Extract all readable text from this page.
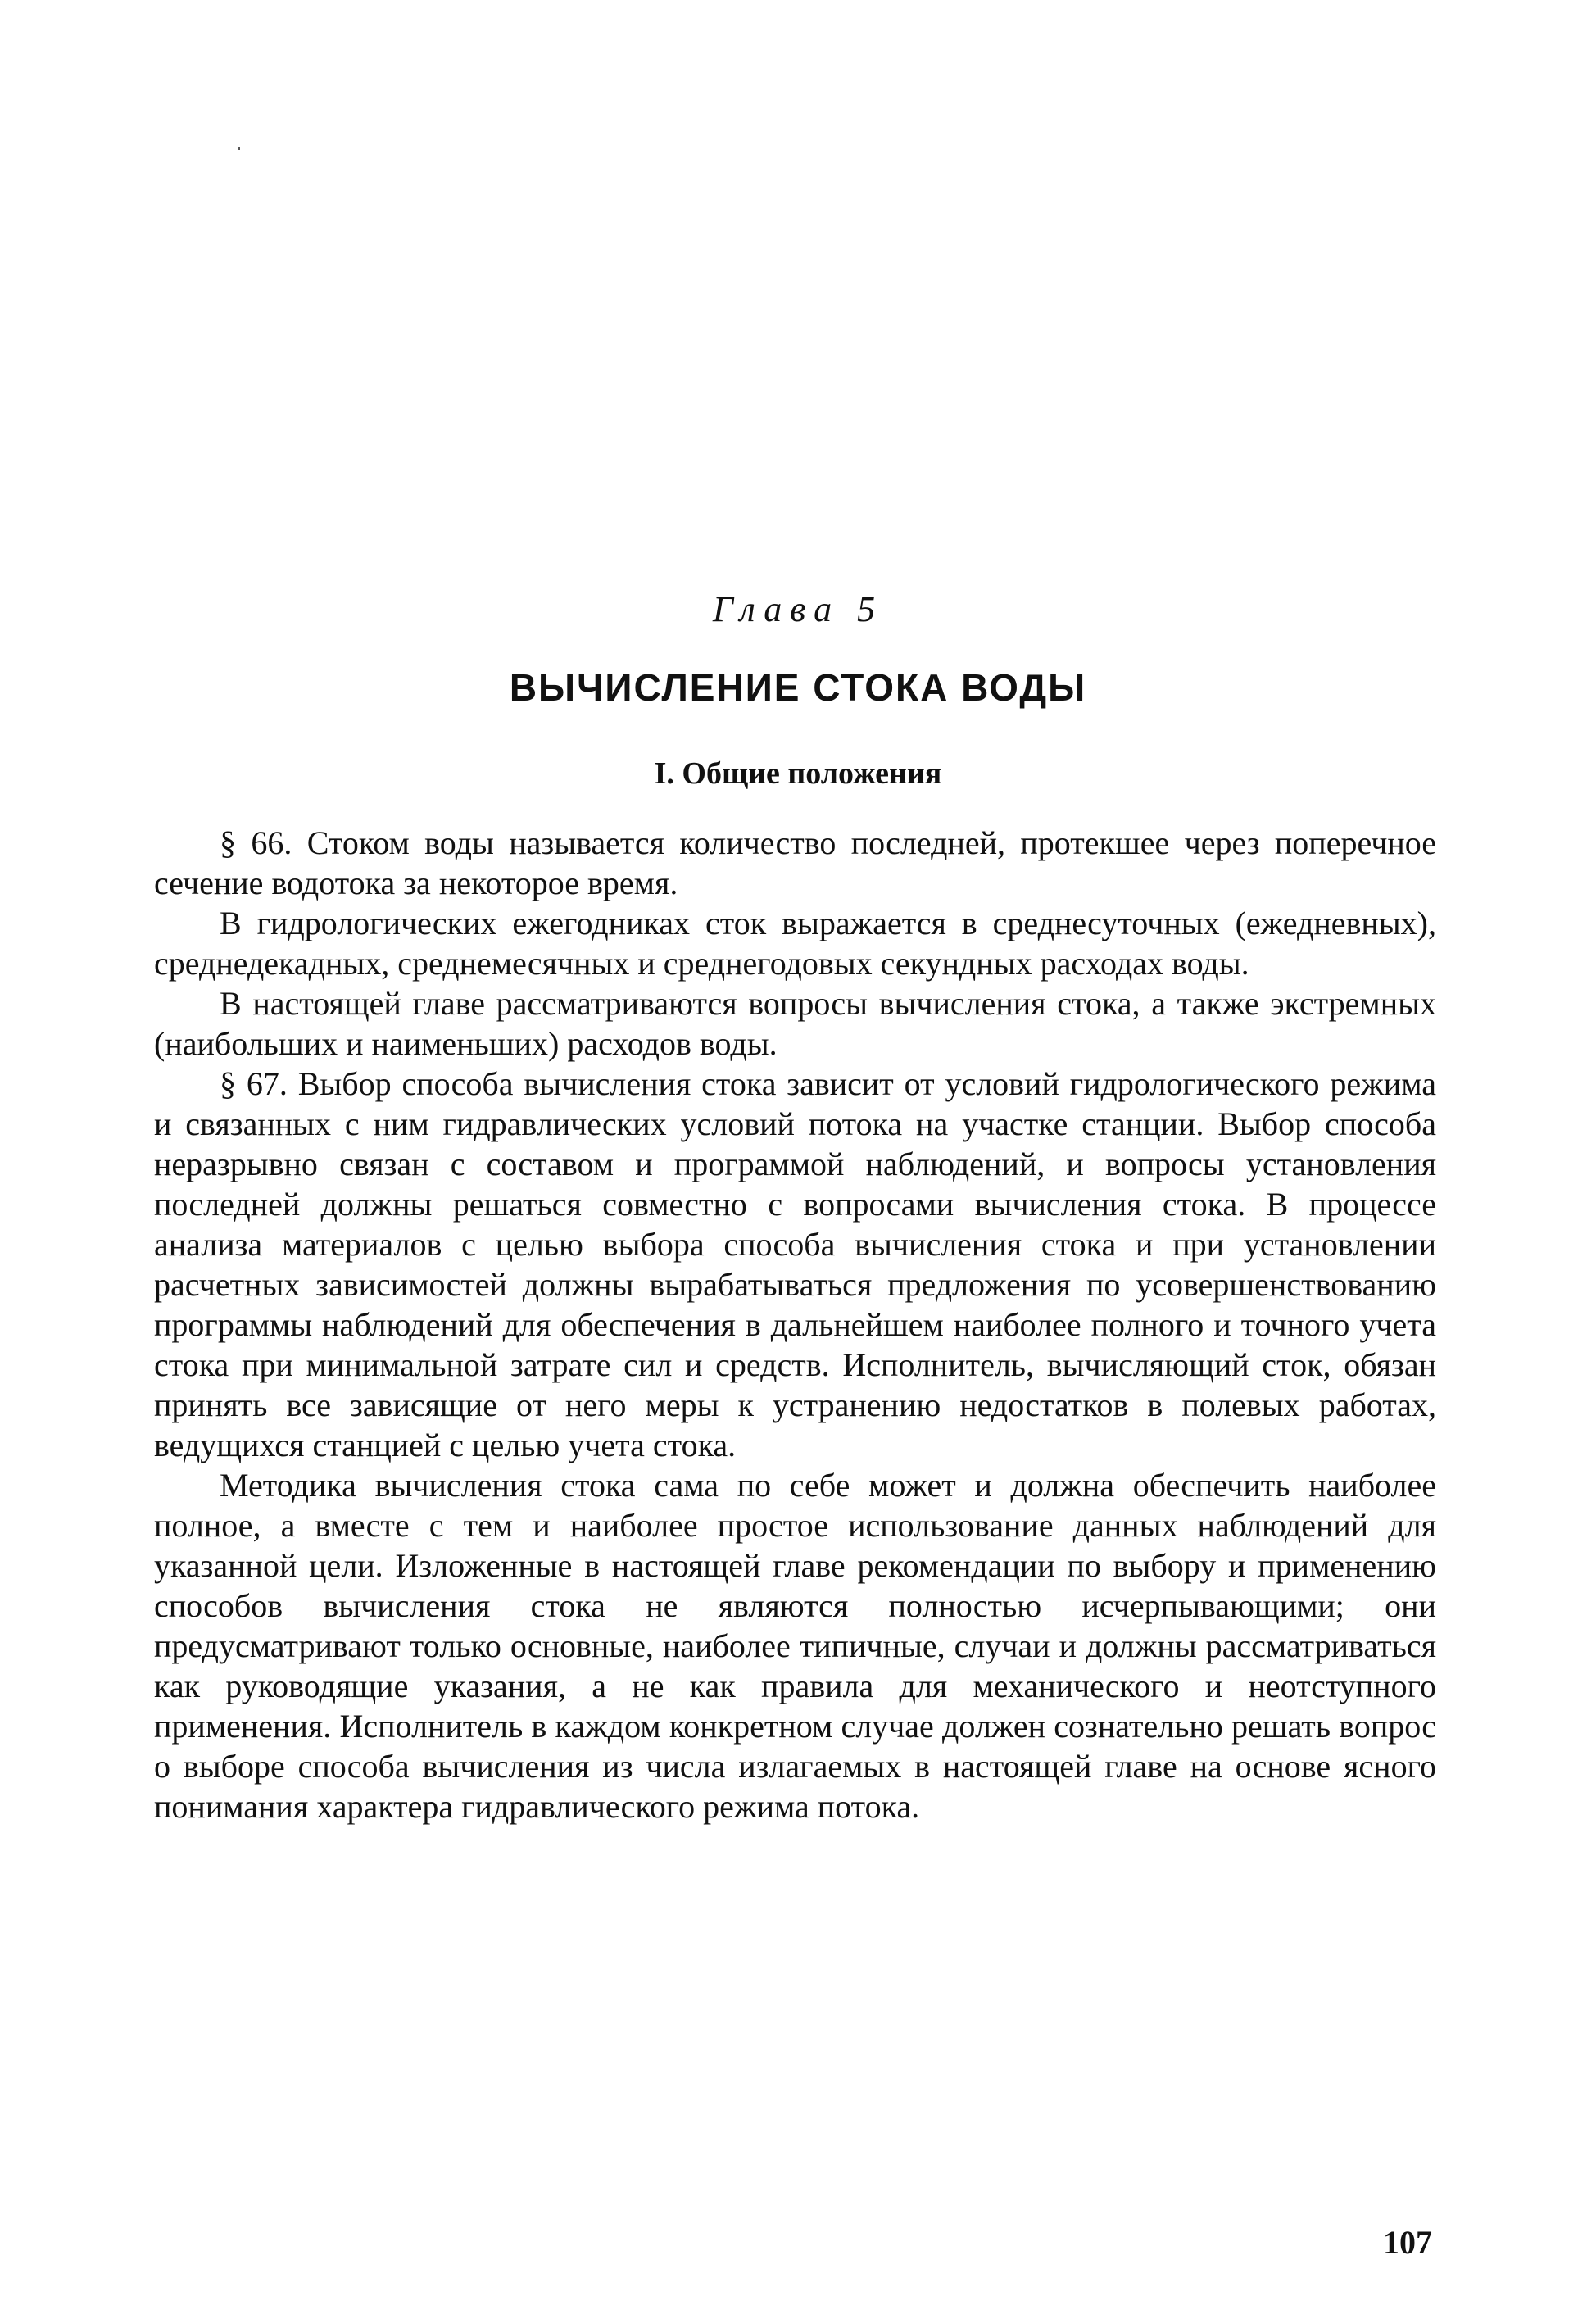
Глава 5
ВЫЧИСЛЕНИЕ СТОКА ВОДЫ
I. Общие положения

§ 66. Стоком воды называется количество последней, протекшее через поперечное сечение водотока за некоторое время.

В гидрологических ежегодниках сток выражается в среднесуточных (ежедневных), среднедекадных, среднемесячных и среднегодовых секундных расходах воды.

В настоящей главе рассматриваются вопросы вычисления стока, а также экстремных (наибольших и наименьших) расходов воды.

§ 67. Выбор способа вычисления стока зависит от условий гидрологического режима и связанных с ним гидравлических условий потока на участке станции. Выбор способа неразрывно связан с составом и программой наблюдений, и вопросы установления последней должны решаться совместно с вопросами вычисления стока. В процессе анализа материалов с целью выбора способа вычисления стока и при установлении расчетных зависимостей должны вырабатываться предложения по усовершенствованию программы наблюдений для обеспечения в дальнейшем наиболее полного и точного учета стока при минимальной затрате сил и средств. Исполнитель, вычисляющий сток, обязан принять все зависящие от него меры к устранению недостатков в полевых работах, ведущихся станцией с целью учета стока.

Методика вычисления стока сама по себе может и должна обеспечить наиболее полное, а вместе с тем и наиболее простое использование данных наблюдений для указанной цели. Изложенные в настоящей главе рекомендации по выбору и применению способов вычисления стока не являются полностью исчерпывающими; они предусматривают только основные, наиболее типичные, случаи и должны рассматриваться как руководящие указания, а не как правила для механического и неотступного применения. Исполнитель в каждом конкретном случае должен сознательно решать вопрос о выборе способа вычисления из числа излагаемых в настоящей главе на основе ясного понимания характера гидравлического режима потока.

107
